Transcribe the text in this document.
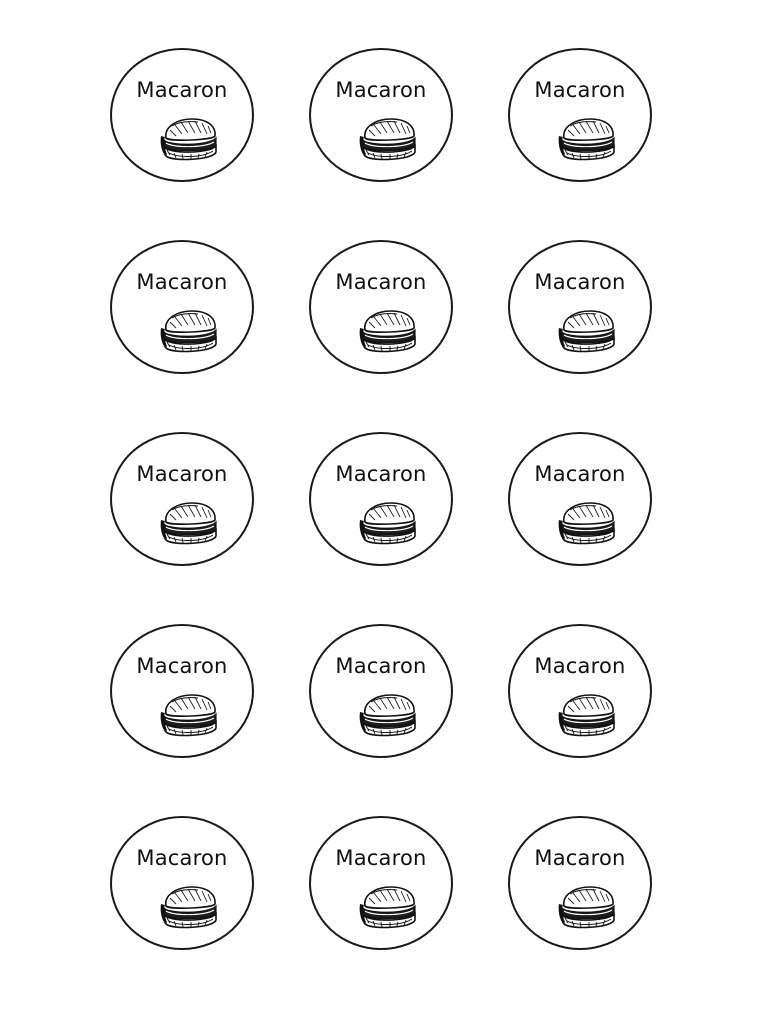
Macaron	Macaron	Macaron
Macaron	Macaron	Macaron
Macaron	Macaron	Macaron
Macaron	Macaron	Macaron
Macaron	Macaron	Macaron
